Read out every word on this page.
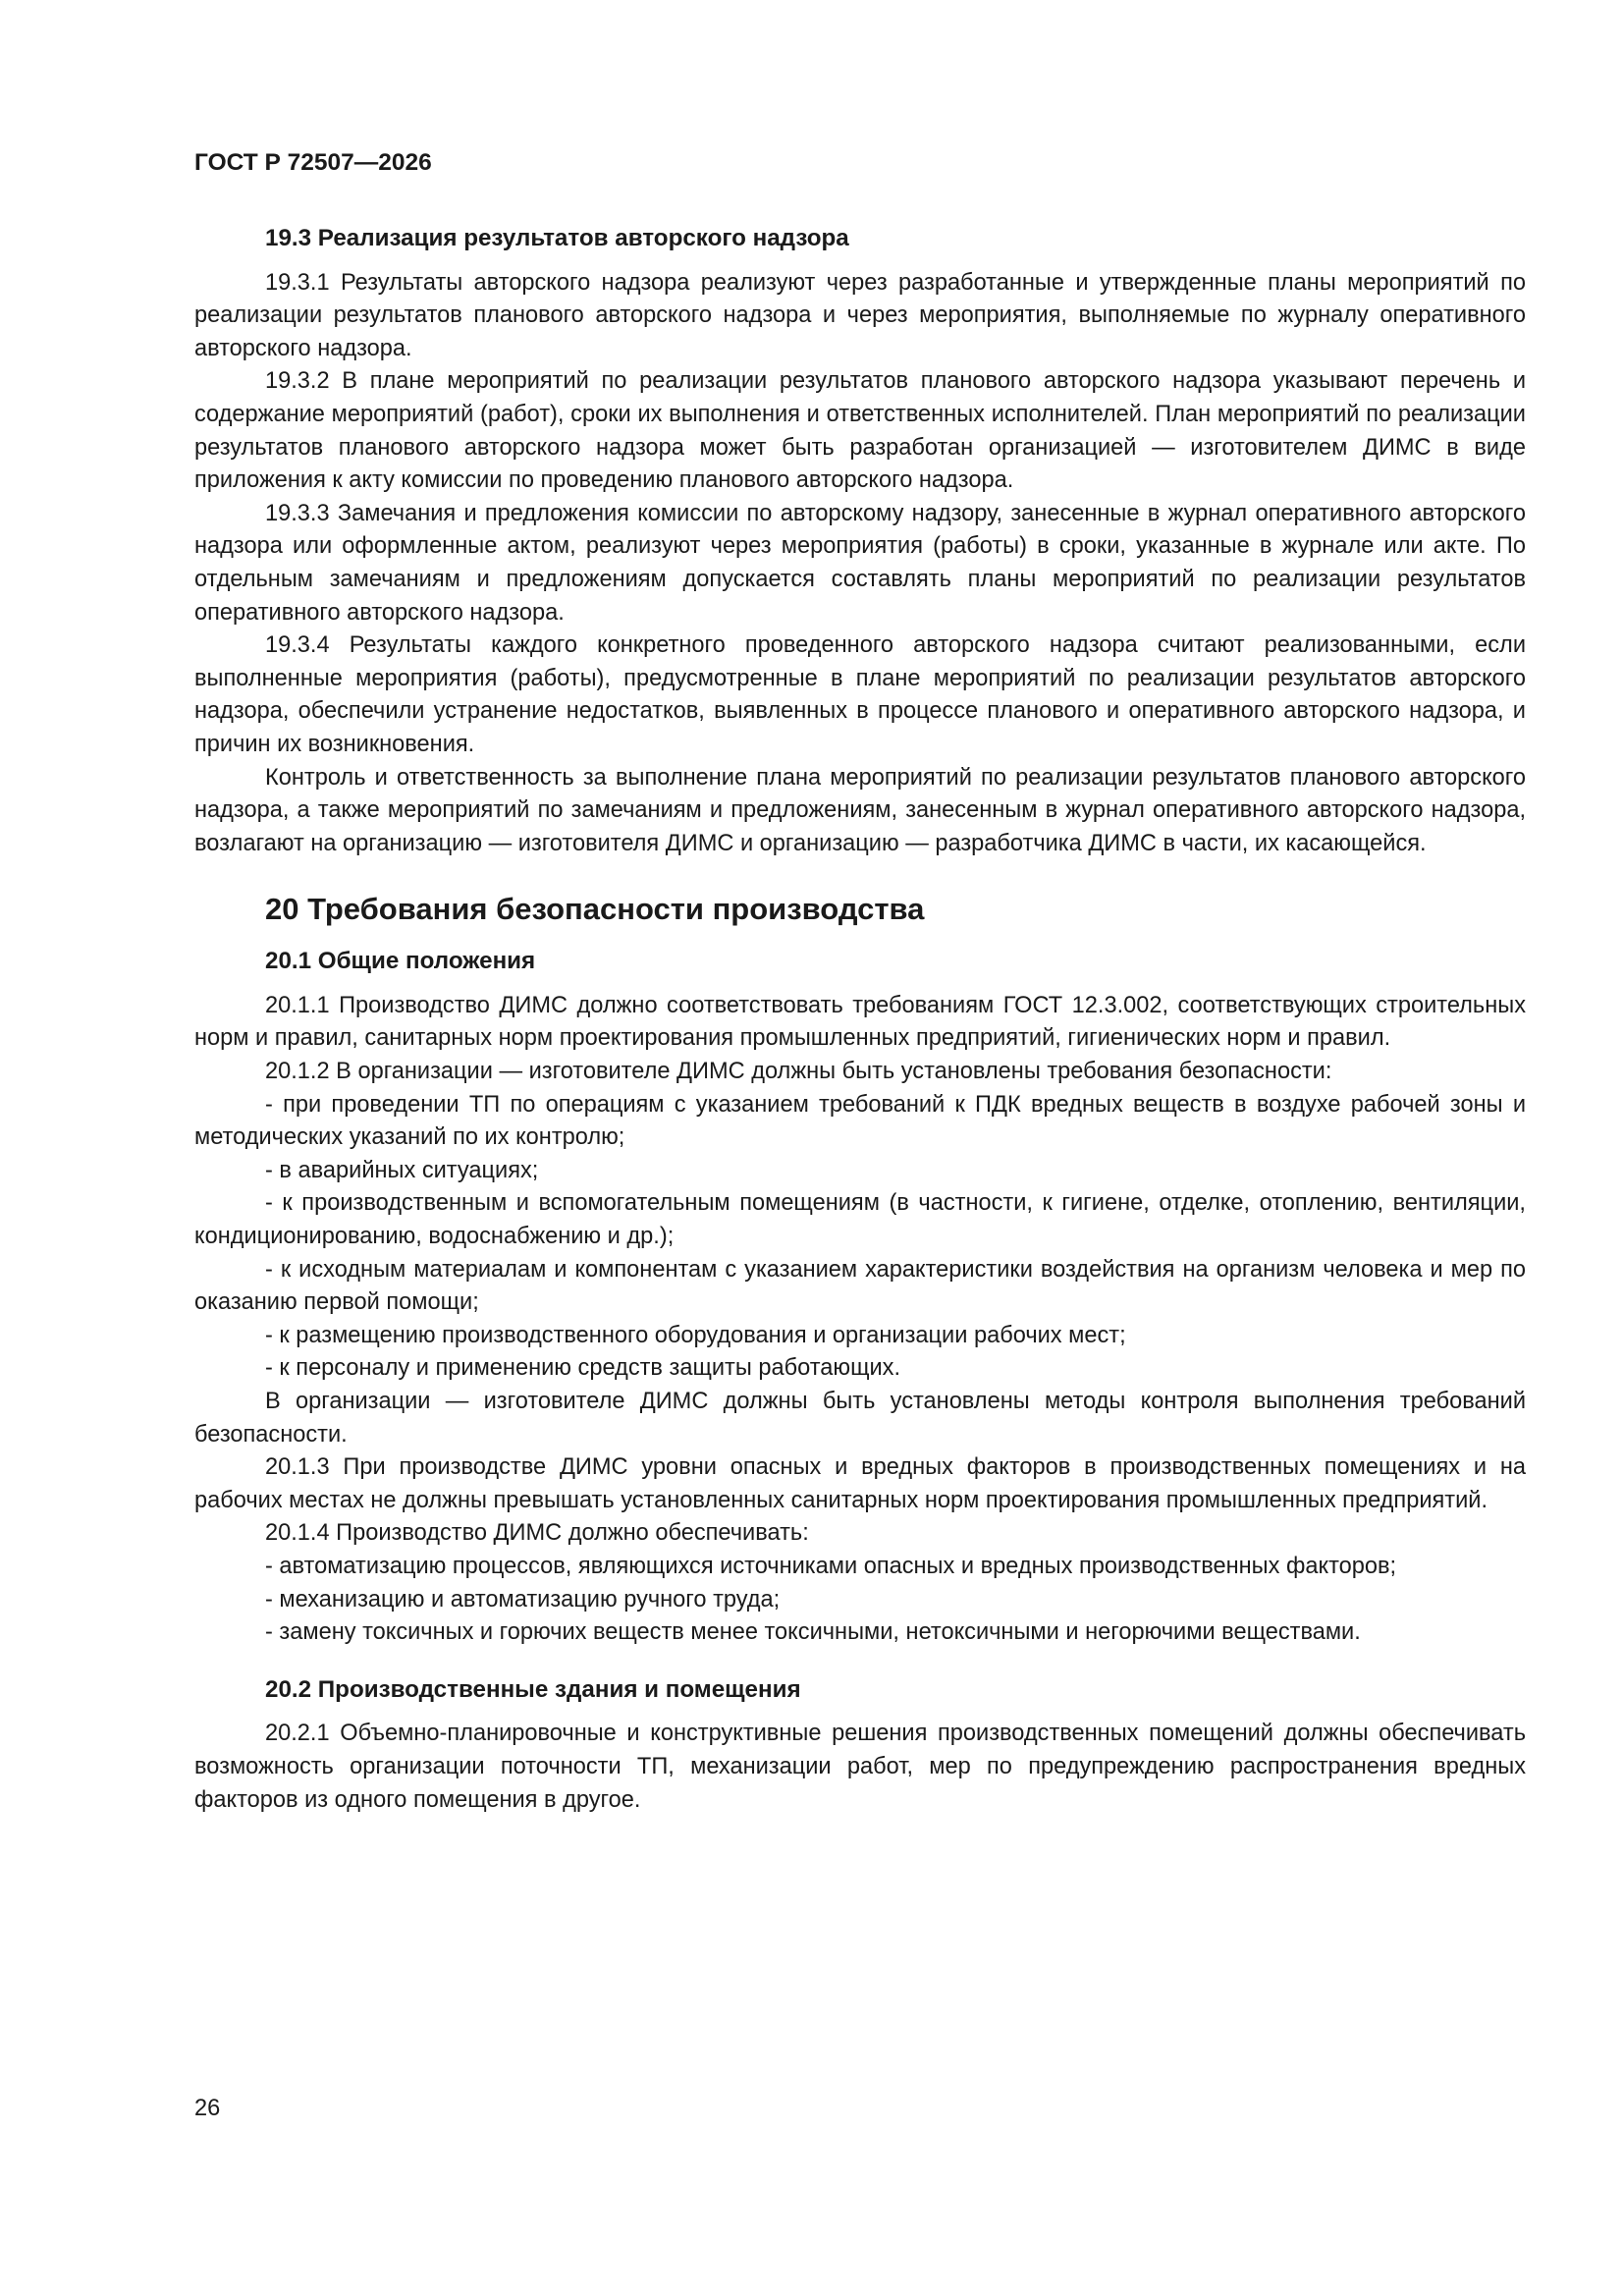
ГОСТ Р 72507—2026
19.3 Реализация результатов авторского надзора

19.3.1 Результаты авторского надзора реализуют через разработанные и утвержденные планы мероприятий по реализации результатов планового авторского надзора и через мероприятия, выполняемые по журналу оперативного авторского надзора.

19.3.2 В плане мероприятий по реализации результатов планового авторского надзора указывают перечень и содержание мероприятий (работ), сроки их выполнения и ответственных исполнителей. План мероприятий по реализации результатов планового авторского надзора может быть разработан организацией — изготовителем ДИМС в виде приложения к акту комиссии по проведению планового авторского надзора.

19.3.3 Замечания и предложения комиссии по авторскому надзору, занесенные в журнал оперативного авторского надзора или оформленные актом, реализуют через мероприятия (работы) в сроки, указанные в журнале или акте. По отдельным замечаниям и предложениям допускается составлять планы мероприятий по реализации результатов оперативного авторского надзора.

19.3.4 Результаты каждого конкретного проведенного авторского надзора считают реализованными, если выполненные мероприятия (работы), предусмотренные в плане мероприятий по реализации результатов авторского надзора, обеспечили устранение недостатков, выявленных в процессе планового и оперативного авторского надзора, и причин их возникновения.

Контроль и ответственность за выполнение плана мероприятий по реализации результатов планового авторского надзора, а также мероприятий по замечаниям и предложениям, занесенным в журнал оперативного авторского надзора, возлагают на организацию — изготовителя ДИМС и организацию — разработчика ДИМС в части, их касающейся.

20 Требования безопасности производства
20.1 Общие положения

20.1.1 Производство ДИМС должно соответствовать требованиям ГОСТ 12.3.002, соответствующих строительных норм и правил, санитарных норм проектирования промышленных предприятий, гигиенических норм и правил.

20.1.2 В организации — изготовителе ДИМС должны быть установлены требования безопасности:

- при проведении ТП по операциям с указанием требований к ПДК вредных веществ в воздухе рабочей зоны и методических указаний по их контролю;

- в аварийных ситуациях;

- к производственным и вспомогательным помещениям (в частности, к гигиене, отделке, отоплению, вентиляции, кондиционированию, водоснабжению и др.);

- к исходным материалам и компонентам с указанием характеристики воздействия на организм человека и мер по оказанию первой помощи;

- к размещению производственного оборудования и организации рабочих мест;

- к персоналу и применению средств защиты работающих.

В организации — изготовителе ДИМС должны быть установлены методы контроля выполнения требований безопасности.

20.1.3 При производстве ДИМС уровни опасных и вредных факторов в производственных помещениях и на рабочих местах не должны превышать установленных санитарных норм проектирования промышленных предприятий.

20.1.4 Производство ДИМС должно обеспечивать:

- автоматизацию процессов, являющихся источниками опасных и вредных производственных факторов;

- механизацию и автоматизацию ручного труда;

- замену токсичных и горючих веществ менее токсичными, нетоксичными и негорючими веществами.

20.2 Производственные здания и помещения

20.2.1 Объемно-планировочные и конструктивные решения производственных помещений должны обеспечивать возможность организации поточности ТП, механизации работ, мер по предупреждению распространения вредных факторов из одного помещения в другое.

26
